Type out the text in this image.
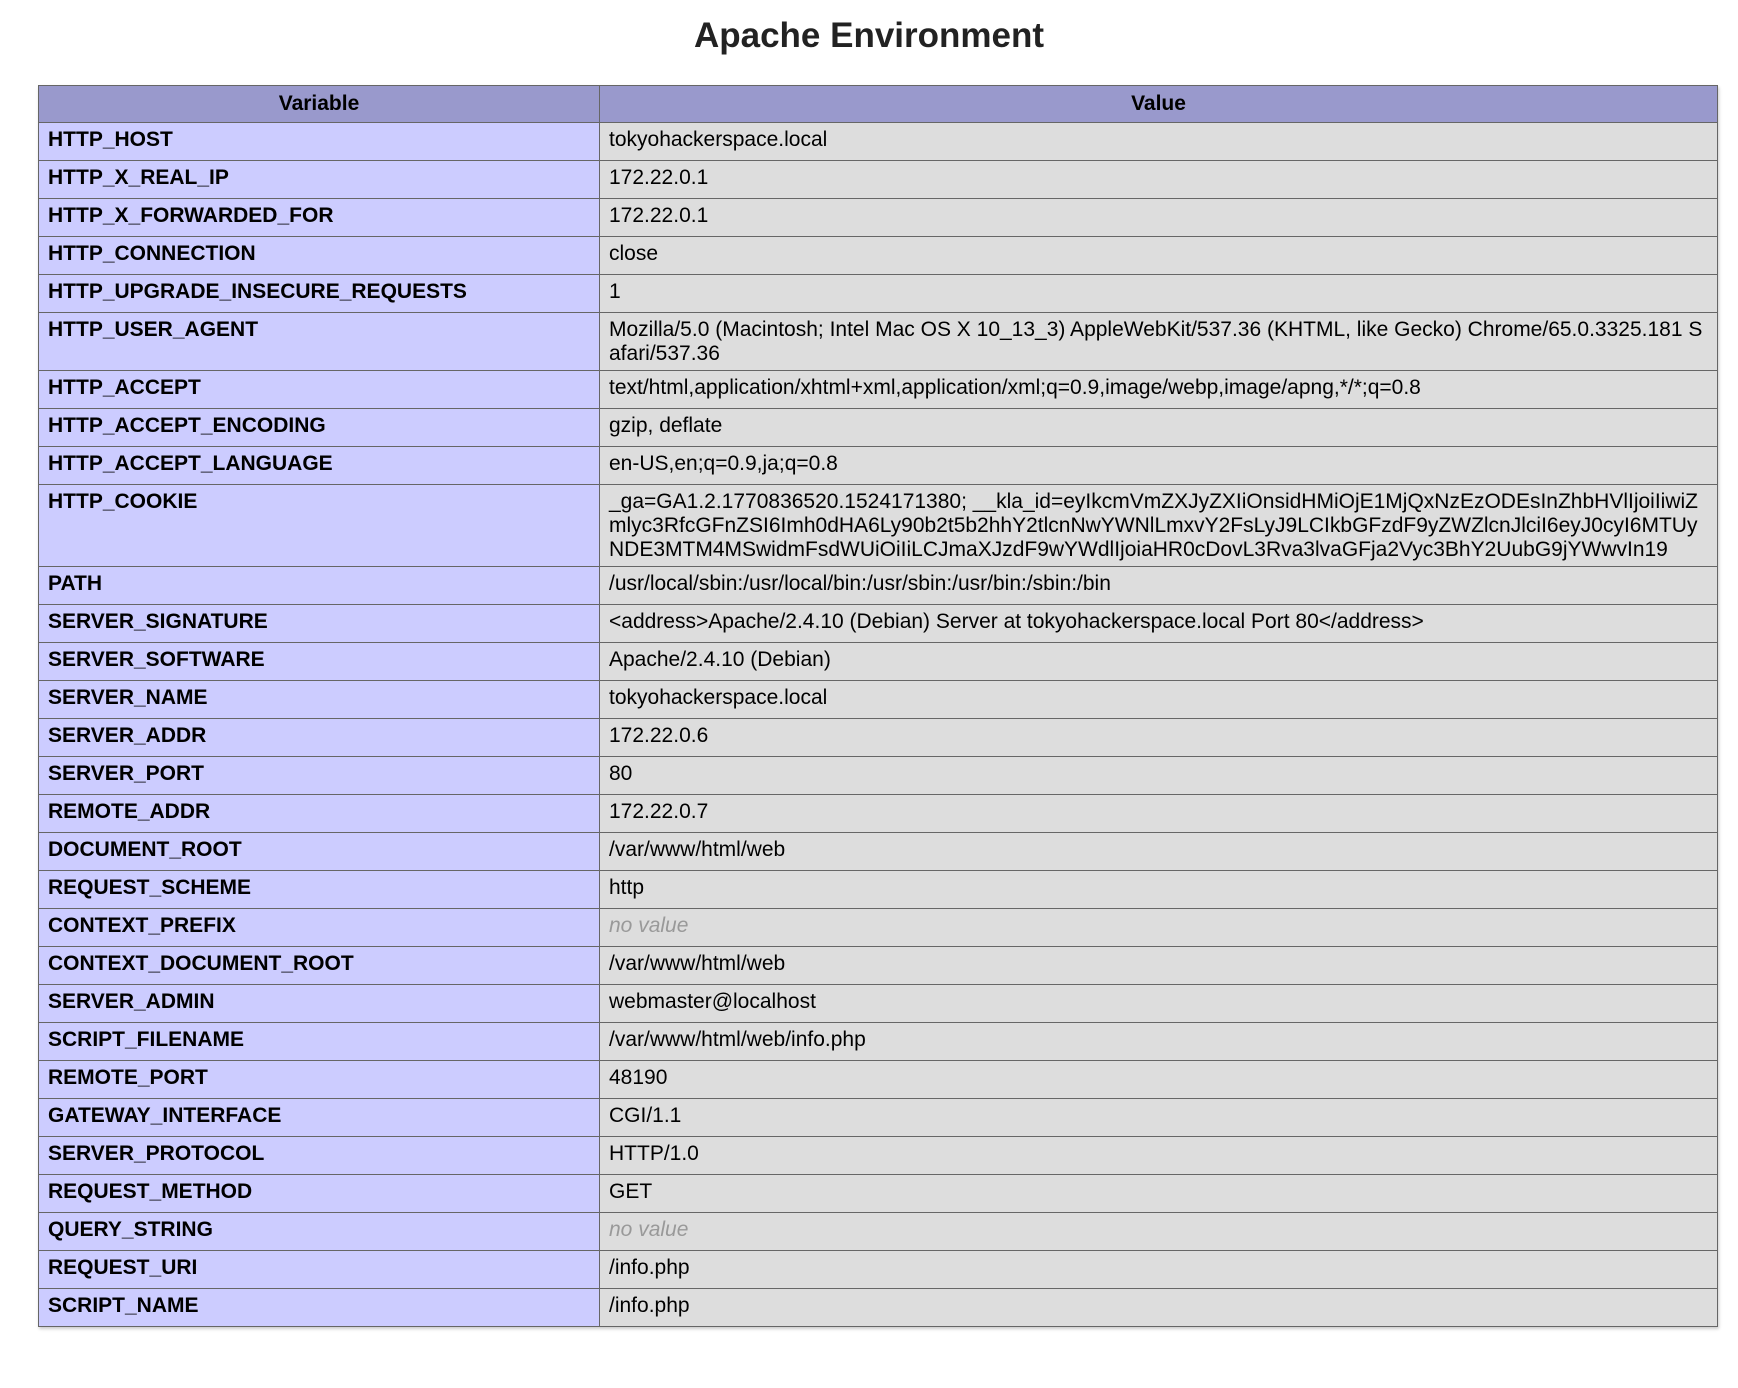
Apache Environment
Variable	Value
HTTP_HOST	tokyohackerspace.local
HTTP_X_REAL_IP	172.22.0.1
HTTP_X_FORWARDED_FOR	172.22.0.1
HTTP_CONNECTION	close
HTTP_UPGRADE_INSECURE_REQUESTS	1
HTTP_USER_AGENT	Mozilla/5.0 (Macintosh; Intel Mac OS X 10_13_3) AppleWebKit/537.36 (KHTML, like Gecko) Chrome/65.0.3325.181 Safari/537.36
HTTP_ACCEPT	text/html,application/xhtml+xml,application/xml;q=0.9,image/webp,image/apng,*/*;q=0.8
HTTP_ACCEPT_ENCODING	gzip, deflate
HTTP_ACCEPT_LANGUAGE	en-US,en;q=0.9,ja;q=0.8
HTTP_COOKIE	_ga=GA1.2.1770836520.1524171380; __kla_id=eyIkcmVmZXJyZXIiOnsidHMiOjE1MjQxNzEzODEsInZhbHVlIjoiIiwiZmlyc3RfcGFnZSI6Imh0dHA6Ly90b2t5b2hhY2tlcnNwYWNlLmxvY2FsLyJ9LCIkbGFzdF9yZWZlcnJlciI6eyJ0cyI6MTUyNDE3MTM4MSwidmFsdWUiOiIiLCJmaXJzdF9wYWdlIjoiaHR0cDovL3Rva3lvaGFja2Vyc3BhY2UubG9jYWwvIn19
PATH	/usr/local/sbin:/usr/local/bin:/usr/sbin:/usr/bin:/sbin:/bin
SERVER_SIGNATURE	<address>Apache/2.4.10 (Debian) Server at tokyohackerspace.local Port 80</address>
SERVER_SOFTWARE	Apache/2.4.10 (Debian)
SERVER_NAME	tokyohackerspace.local
SERVER_ADDR	172.22.0.6
SERVER_PORT	80
REMOTE_ADDR	172.22.0.7
DOCUMENT_ROOT	/var/www/html/web
REQUEST_SCHEME	http
CONTEXT_PREFIX	no value
CONTEXT_DOCUMENT_ROOT	/var/www/html/web
SERVER_ADMIN	webmaster@localhost
SCRIPT_FILENAME	/var/www/html/web/info.php
REMOTE_PORT	48190
GATEWAY_INTERFACE	CGI/1.1
SERVER_PROTOCOL	HTTP/1.0
REQUEST_METHOD	GET
QUERY_STRING	no value
REQUEST_URI	/info.php
SCRIPT_NAME	/info.php
